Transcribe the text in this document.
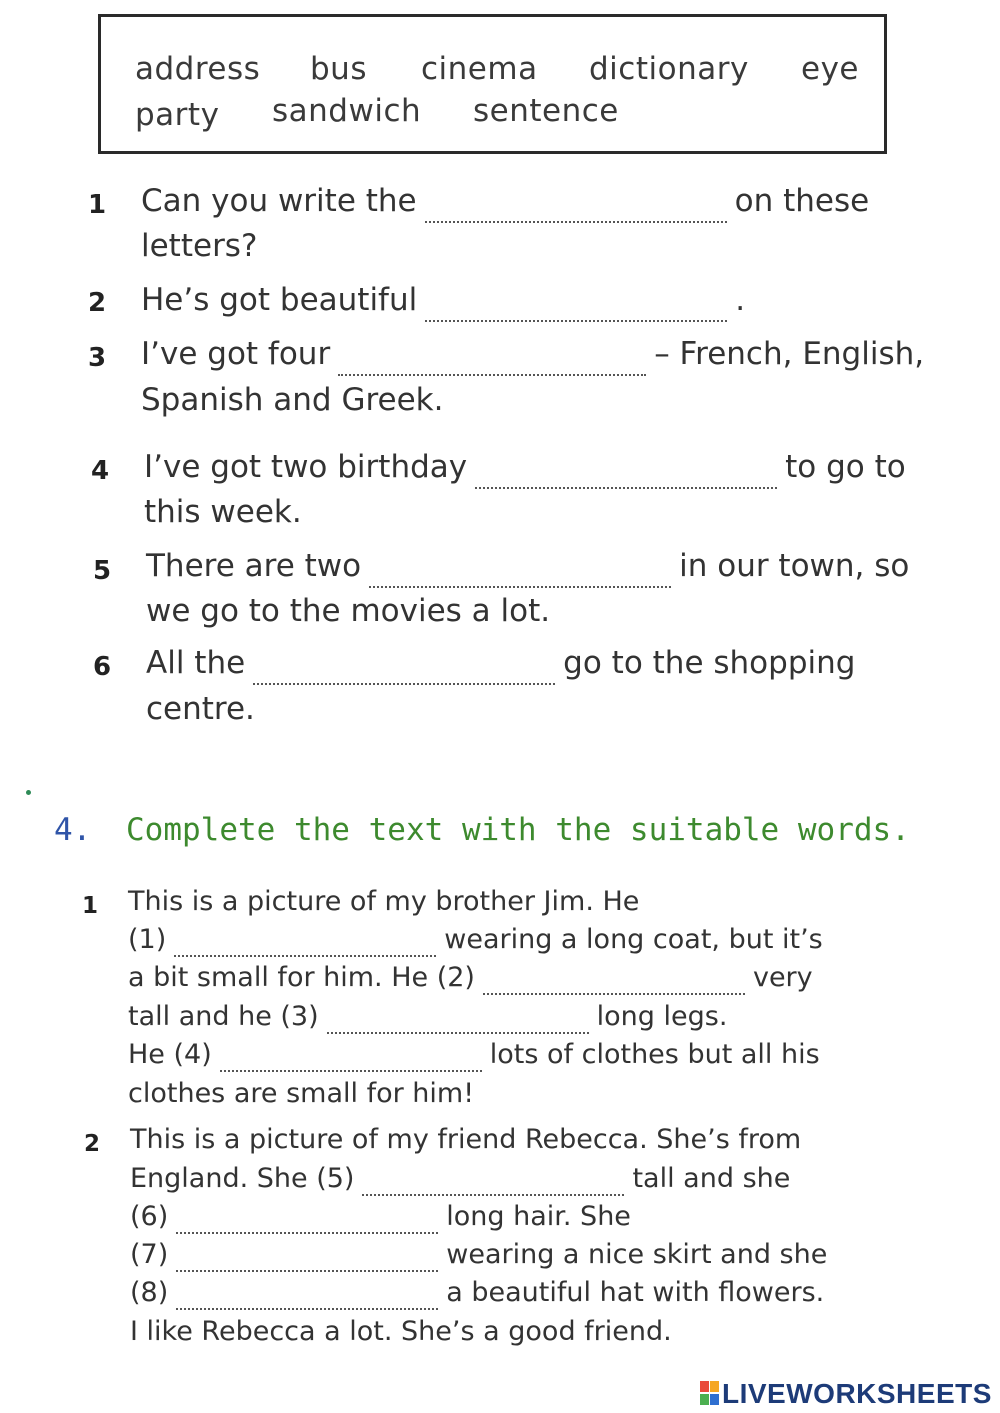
address bus cinema dictionary eye
party sandwich sentence
1 Can you write the	on these
letters?
2 He’s got beautiful	.
3 I’ve got four	– French, English,
Spanish and Greek.
4 I’ve got two birthday	to go to
this week.
5 There are two	in our town, so
we go to the movies a lot.
6 All the	go to the shopping
centre.
4. Complete the text with the suitable words.
1 This is a picture of my brother Jim. He
(1)	wearing a long coat, but it’s
a bit small for him. He (2)	very
tall and he (3)	long legs.
He (4)	lots of clothes but all his
clothes are small for him!
2 This is a picture of my friend Rebecca. She’s from
England. She (5)	tall and she
(6)	long hair. She
(7)	wearing a nice skirt and she
(8)	a beautiful hat with flowers.
I like Rebecca a lot. She’s a good friend.
LIVEWORKSHEETS
